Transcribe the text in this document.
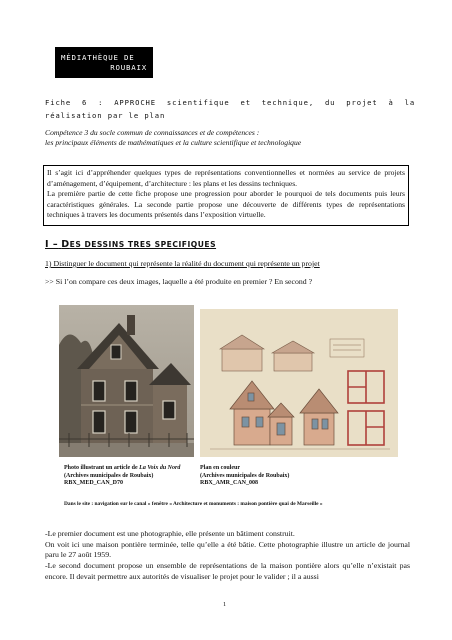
MÉDIATHÈQUE DE
ROUBAIX
Fiche 6 : APPROCHE scientifique et technique, du projet à la
réalisation par le plan
Compétence 3 du socle commun de connaissances et de compétences :
les principaux éléments de mathématiques et la culture scientifique et technologique

Il s’agit ici d’appréhender quelques types de représentations conventionnelles et normées au service de projets d’aménagement, d’équipement, d’architecture : les plans et les dessins techniques.

La première partie de cette fiche propose une progression pour aborder le pourquoi de tels documents puis leurs caractéristiques générales. La seconde partie propose une découverte de différents types de représentations techniques à travers les documents présentés dans l’exposition virtuelle.

I – DES DESSINS TRES SPECIFIQUES
1) Distinguer le document qui représente la réalité du document qui représente un projet
>> Si l’on compare ces deux images, laquelle a été produite en premier ? En second ?
Photo illustrant un article de La Voix du Nord
(Archives municipales de Roubaix)
RBX_MED_CAN_D70
Plan en couleur
(Archives municipales de Roubaix)
RBX_AMR_CAN_008
Dans le site : navigation sur le canal » fenêtre « Architecture et monuments : maison pontière quai de Marseille »

-Le premier document est une photographie, elle présente un bâtiment construit.

On voit ici une maison pontière terminée, telle qu’elle a été bâtie. Cette photographie illustre un article de journal paru le 27 août 1959.

-Le second document propose un ensemble de représentations de la maison pontière alors qu’elle n’existait pas encore. Il devait permettre aux autorités de visualiser le projet pour le valider ; il a aussi

1
